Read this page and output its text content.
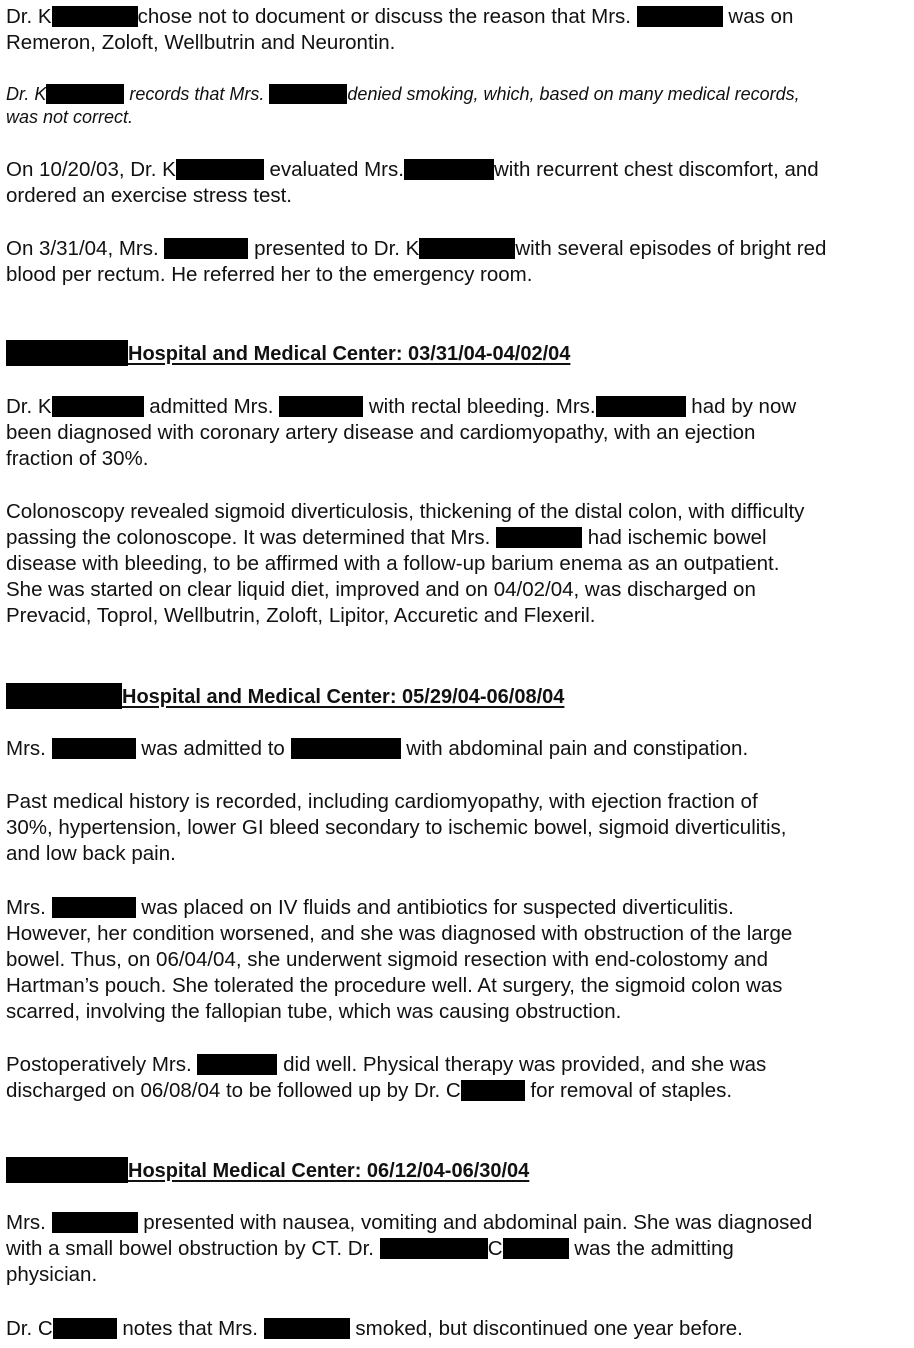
Dr. K	chose not to document or discuss the reason that Mrs.	was on
Remeron, Zoloft, Wellbutrin and Neurontin.
Dr. K	records that Mrs.	denied smoking, which, based on many medical records,
was not correct.
On 10/20/03, Dr. K	evaluated Mrs.	with recurrent chest discomfort, and
ordered an exercise stress test.
On 3/31/04, Mrs.	presented to Dr. K	with several episodes of bright red
blood per rectum. He referred her to the emergency room.
Hospital and Medical Center: 03/31/04-04/02/04
Dr. K	admitted Mrs.	with rectal bleeding. Mrs.	had by now
been diagnosed with coronary artery disease and cardiomyopathy, with an ejection
fraction of 30%.
Colonoscopy revealed sigmoid diverticulosis, thickening of the distal colon, with difficulty
passing the colonoscope. It was determined that Mrs.	had ischemic bowel
disease with bleeding, to be affirmed with a follow-up barium enema as an outpatient.
She was started on clear liquid diet, improved and on 04/02/04, was discharged on
Prevacid, Toprol, Wellbutrin, Zoloft, Lipitor, Accuretic and Flexeril.
Hospital and Medical Center: 05/29/04-06/08/04
Mrs.	was admitted to	with abdominal pain and constipation.
Past medical history is recorded, including cardiomyopathy, with ejection fraction of
30%, hypertension, lower GI bleed secondary to ischemic bowel, sigmoid diverticulitis,
and low back pain.
Mrs.	was placed on IV fluids and antibiotics for suspected diverticulitis.
However, her condition worsened, and she was diagnosed with obstruction of the large
bowel. Thus, on 06/04/04, she underwent sigmoid resection with end-colostomy and
Hartman’s pouch. She tolerated the procedure well. At surgery, the sigmoid colon was
scarred, involving the fallopian tube, which was causing obstruction.
Postoperatively Mrs.	did well. Physical therapy was provided, and she was
discharged on 06/08/04 to be followed up by Dr. C	for removal of staples.
Hospital Medical Center: 06/12/04-06/30/04
Mrs.	presented with nausea, vomiting and abdominal pain. She was diagnosed
with a small bowel obstruction by CT. Dr.	C	was the admitting
physician.
Dr. C	notes that Mrs.	smoked, but discontinued one year before.
